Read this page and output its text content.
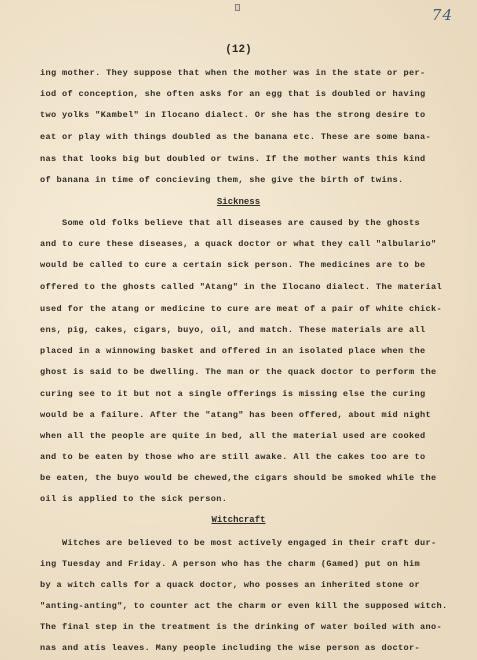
74
(12)
ing mother. They suppose that when the mother was in the state or per-
iod of conception, she often asks for an egg that is doubled or having
two yolks "Kambel" in Ilocano dialect. Or she has the strong desire to
eat or play with things doubled as the banana etc. These are some bana-
nas that looks big but doubled or twins. If the mother wants this kind
of banana in time of concieving them, she give the birth of twins.
Sickness
Some old folks believe that all diseases are caused by the ghosts
and to cure these diseases, a quack doctor or what they call "albulario"
would be called to cure a certain sick person. The medicines are to be
offered to the ghosts called "Atang" in the Ilocano dialect. The material
used for the atang or medicine to cure are meat of a pair of white chick-
ens, pig, cakes, cigars, buyo, oil, and match. These materials are all
placed in a winnowing basket and offered in an isolated place when the
ghost is said to be dwelling. The man or the quack doctor to perform the
curing see to it but not a single offerings is missing else the curing
would be a failure. After the "atang" has been offered, about mid night
when all the people are quite in bed, all the material used are cooked
and to be eaten by those who are still awake. All the cakes too are to
be eaten, the buyo would be chewed,the cigars should be smoked while the
oil is applied to the sick person.
Witchcraft
Witches are believed to be most actively engaged in their craft dur-
ing Tuesday and Friday. A person who has the charm (Gamed) put on him
by a witch calls for a quack doctor, who posses an inherited stone or
"anting-anting", to counter act the charm or even kill the supposed witch.
The final step in the treatment is the drinking of water boiled with ano-
nas and atis leaves. Many people including the wise person as doctor-
